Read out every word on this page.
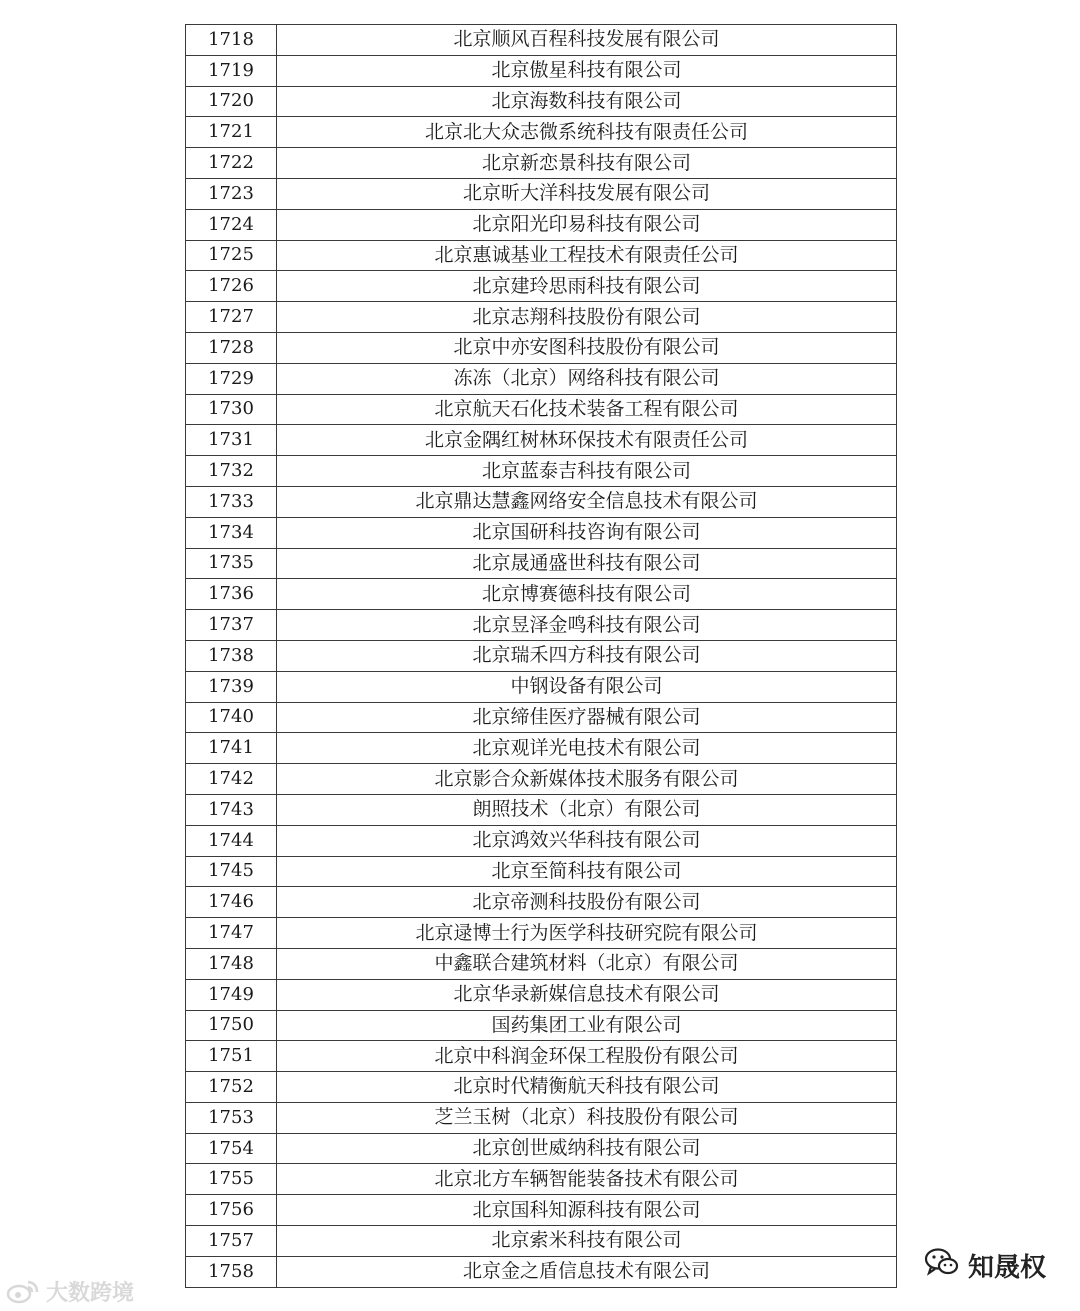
1718	北京顺风百程科技发展有限公司
1719	北京傲星科技有限公司
1720	北京海数科技有限公司
1721	北京北大众志微系统科技有限责任公司
1722	北京新恋景科技有限公司
1723	北京昕大洋科技发展有限公司
1724	北京阳光印易科技有限公司
1725	北京惠诚基业工程技术有限责任公司
1726	北京建玲思雨科技有限公司
1727	北京志翔科技股份有限公司
1728	北京中亦安图科技股份有限公司
1729	冻冻（北京）网络科技有限公司
1730	北京航天石化技术装备工程有限公司
1731	北京金隅红树林环保技术有限责任公司
1732	北京蓝泰吉科技有限公司
1733	北京鼎达慧鑫网络安全信息技术有限公司
1734	北京国研科技咨询有限公司
1735	北京晟通盛世科技有限公司
1736	北京博赛德科技有限公司
1737	北京昱泽金鸣科技有限公司
1738	北京瑞禾四方科技有限公司
1739	中钢设备有限公司
1740	北京缔佳医疗器械有限公司
1741	北京观详光电技术有限公司
1742	北京影合众新媒体技术服务有限公司
1743	朗照技术（北京）有限公司
1744	北京鸿效兴华科技有限公司
1745	北京至简科技有限公司
1746	北京帝测科技股份有限公司
1747	北京逯博士行为医学科技研究院有限公司
1748	中鑫联合建筑材料（北京）有限公司
1749	北京华录新媒信息技术有限公司
1750	国药集团工业有限公司
1751	北京中科润金环保工程股份有限公司
1752	北京时代精衡航天科技有限公司
1753	芝兰玉树（北京）科技股份有限公司
1754	北京创世威纳科技有限公司
1755	北京北方车辆智能装备技术有限公司
1756	北京国科知源科技有限公司
1757	北京索米科技有限公司
1758	北京金之盾信息技术有限公司
大数跨境
知晟权
